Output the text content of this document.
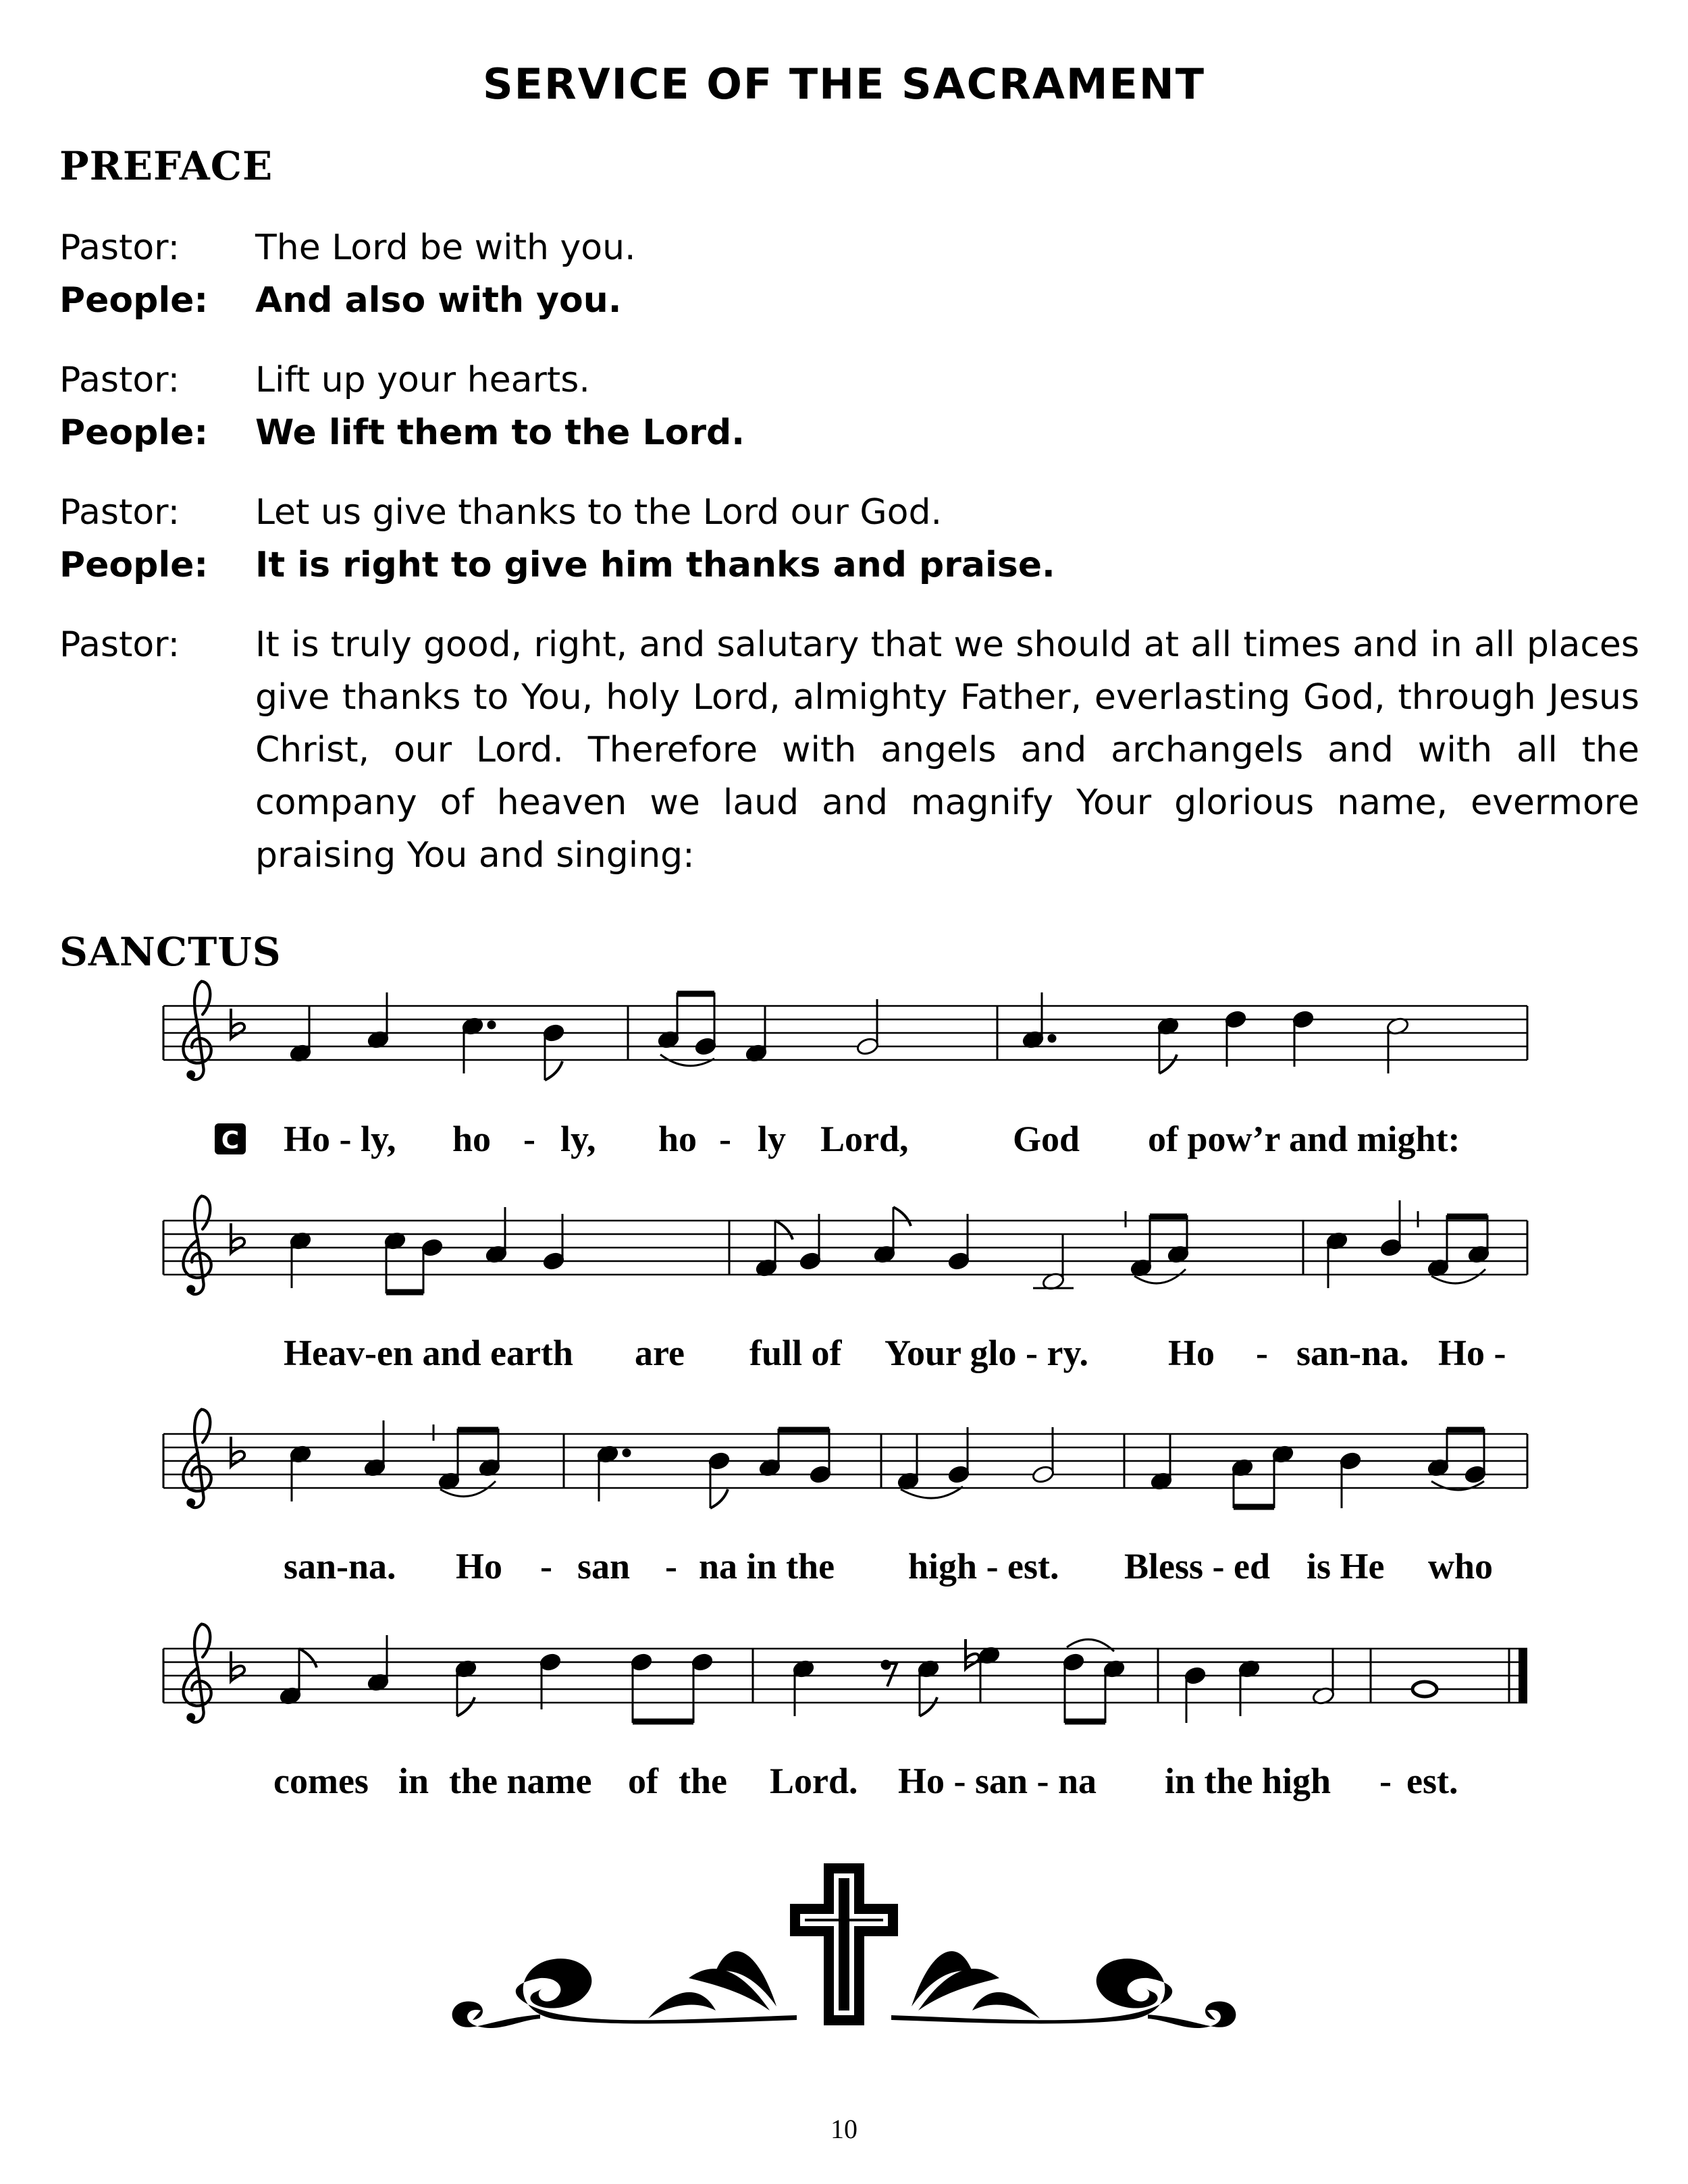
SERVICE OF THE SACRAMENT
PREFACE
Pastor:	The Lord be with you.
People:	And also with you.
Pastor:	Lift up your hearts.
People:	We lift them to the Lord.
Pastor:	Let us give thanks to the Lord our God.
People:	It is right to give him thanks and praise.
Pastor:	It is truly good, right, and salutary that we should at all times and in all places give thanks to You, holy Lord, almighty Father, everlasting God, through Jesus Christ, our Lord. Therefore with angels and archangels and with all the company of heaven we laud and magnify Your glorious name, evermore praising You and singing:
SANCTUS
C Ho - ly, ho - ly, ho - ly Lord,	God of pow’r and might:
Heav-en and earth are full of Your glo - ry. Ho - san-na. Ho -
san-na. Ho - san - na in the high - est. Bless - ed is He who
comes in the name of the Lord. Ho - san - na in the high - est.
10
